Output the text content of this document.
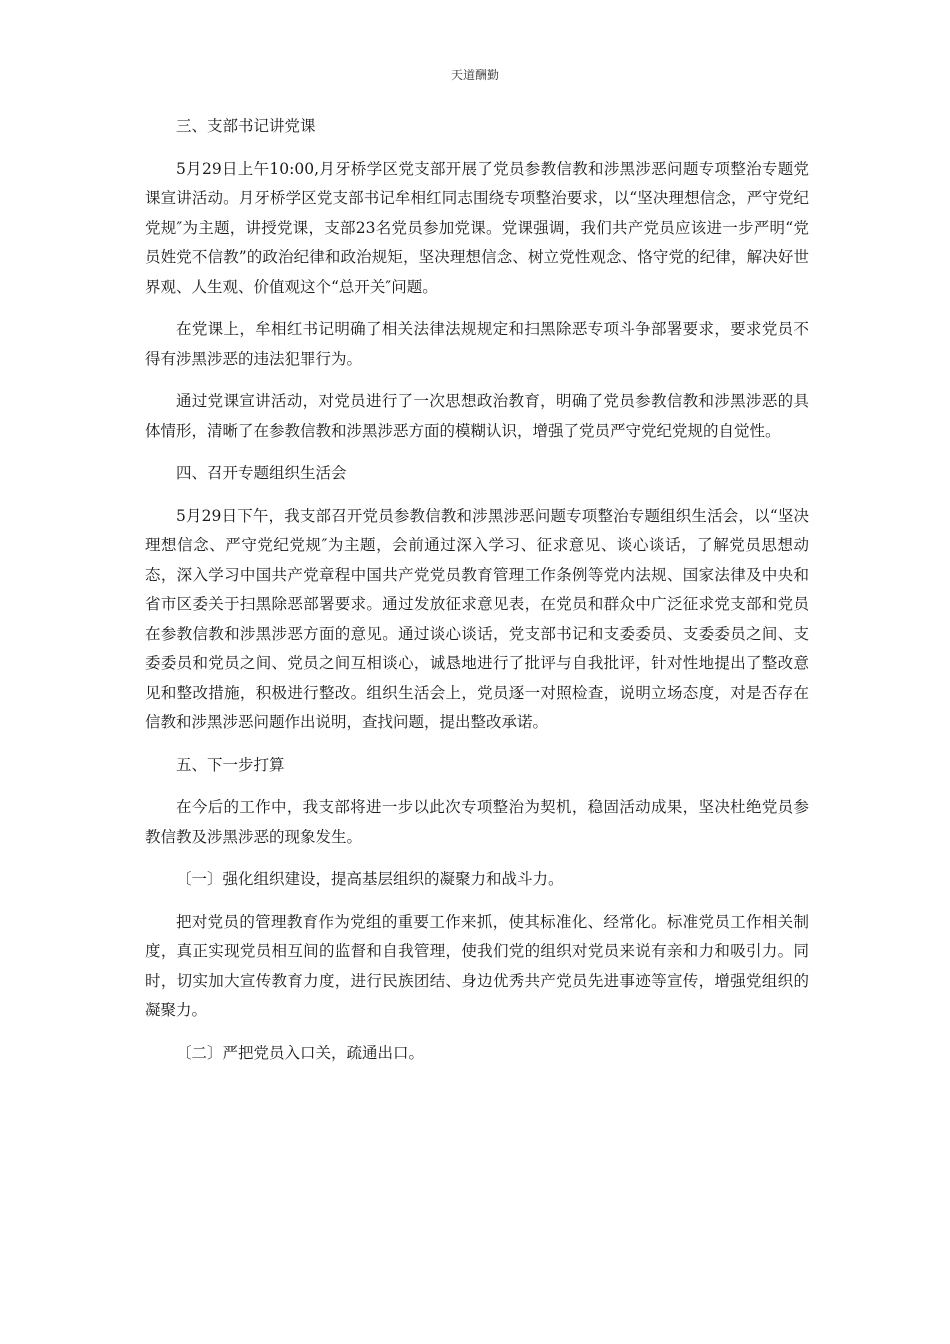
天道酬勤

三、支部书记讲党课

5月29日上午10:00,月牙桥学区党支部开展了党员参教信教和涉黑涉恶问题专项整治专题党课宣讲活动。月牙桥学区党支部书记牟相红同志围绕专项整治要求，以“坚决理想信念，严守党纪党规″为主题，讲授党课，支部23名党员参加党课。党课强调，我们共产党员应该进一步严明“党员姓党不信教”的政治纪律和政治规矩，坚决理想信念、树立党性观念、恪守党的纪律，解决好世界观、人生观、价值观这个“总开关″问题。

在党课上，牟相红书记明确了相关法律法规规定和扫黑除恶专项斗争部署要求，要求党员不得有涉黑涉恶的违法犯罪行为。

通过党课宣讲活动，对党员进行了一次思想政治教育，明确了党员参教信教和涉黑涉恶的具体情形，清晰了在参教信教和涉黑涉恶方面的模糊认识，增强了党员严守党纪党规的自觉性。

四、召开专题组织生活会

5月29日下午，我支部召开党员参教信教和涉黑涉恶问题专项整治专题组织生活会，以“坚决理想信念、严守党纪党规″为主题，会前通过深入学习、征求意见、谈心谈话，了解党员思想动态，深入学习中国共产党章程中国共产党党员教育管理工作条例等党内法规、国家法律及中央和省市区委关于扫黑除恶部署要求。通过发放征求意见表，在党员和群众中广泛征求党支部和党员在参教信教和涉黑涉恶方面的意见。通过谈心谈话，党支部书记和支委委员、支委委员之间、支委委员和党员之间、党员之间互相谈心，诚恳地进行了批评与自我批评，针对性地提出了整改意见和整改措施，积极进行整改。组织生活会上，党员逐一对照检查，说明立场态度，对是否存在信教和涉黑涉恶问题作出说明，查找问题，提出整改承诺。

五、下一步打算

在今后的工作中，我支部将进一步以此次专项整治为契机，稳固活动成果，坚决杜绝党员参教信教及涉黑涉恶的现象发生。

〔一〕强化组织建设，提高基层组织的凝聚力和战斗力。

把对党员的管理教育作为党组的重要工作来抓，使其标准化、经常化。标准党员工作相关制度，真正实现党员相互间的监督和自我管理，使我们党的组织对党员来说有亲和力和吸引力。同时，切实加大宣传教育力度，进行民族团结、身边优秀共产党员先进事迹等宣传，增强党组织的凝聚力。

〔二〕严把党员入口关，疏通出口。
